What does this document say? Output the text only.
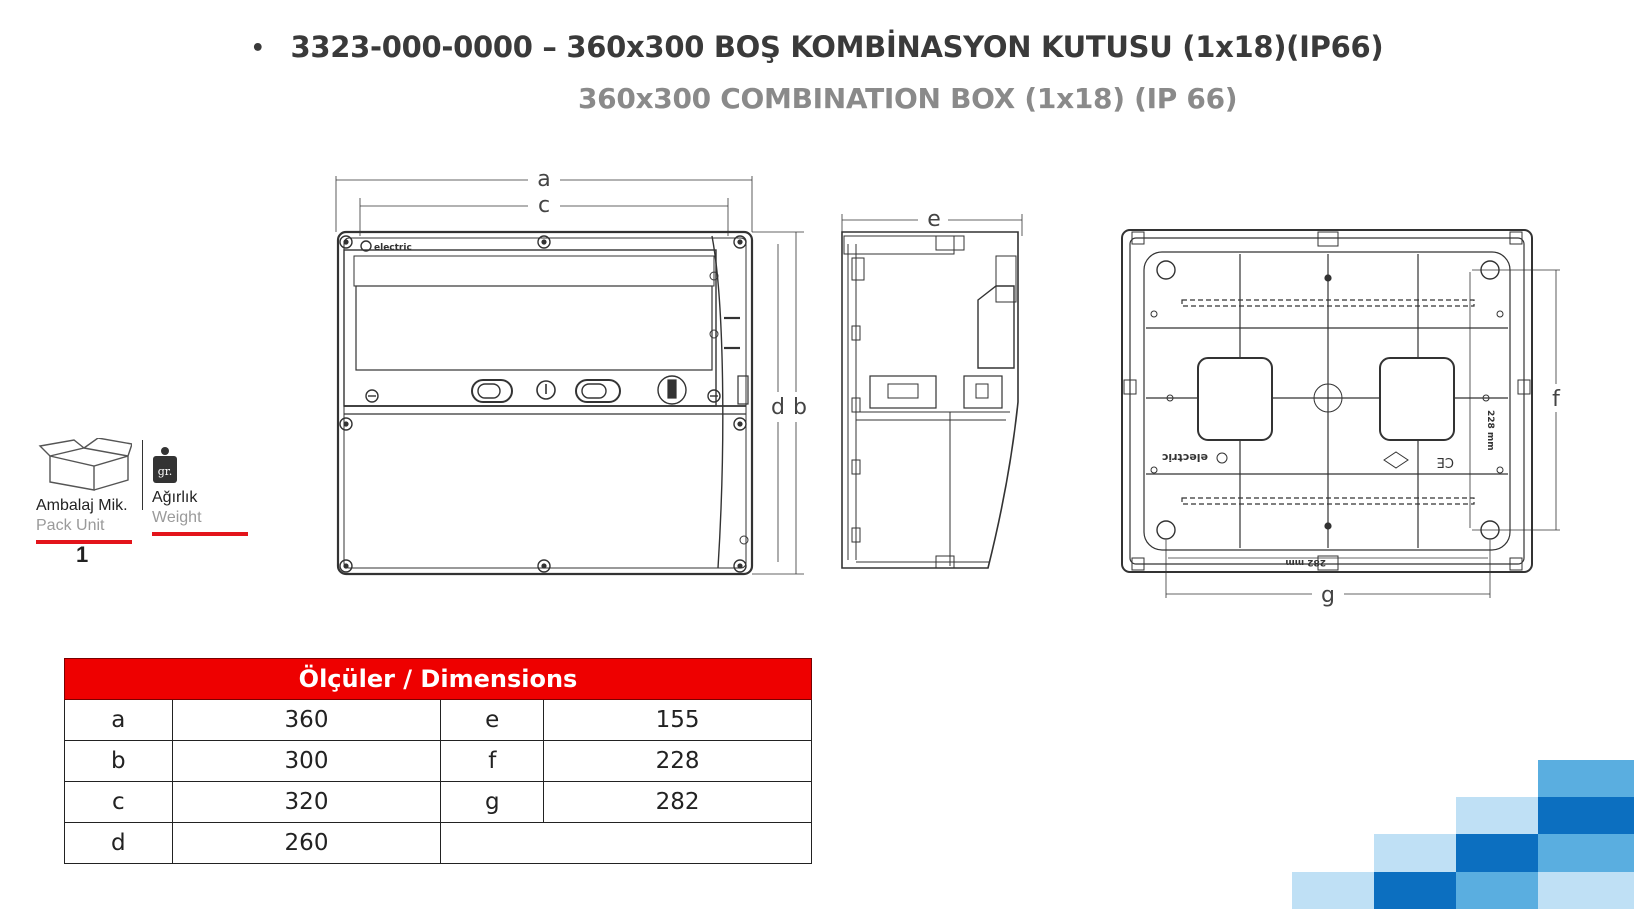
• 3323-000-0000 – 360x300 BOŞ KOMBİNASYON KUTUSU (1x18)(IP66)
360x300 COMBINATION BOX (1x18) (IP 66)
a
c
d b
e
f
g
electric
electric
228 mm
282 mm
CE
Ambalaj Mik.
Pack Unit
1
gr.
Ağırlık
Weight
Ölçüler / Dimensions			
a	360	e	155
b	300	f	228
c	320	g	282
d	260		
